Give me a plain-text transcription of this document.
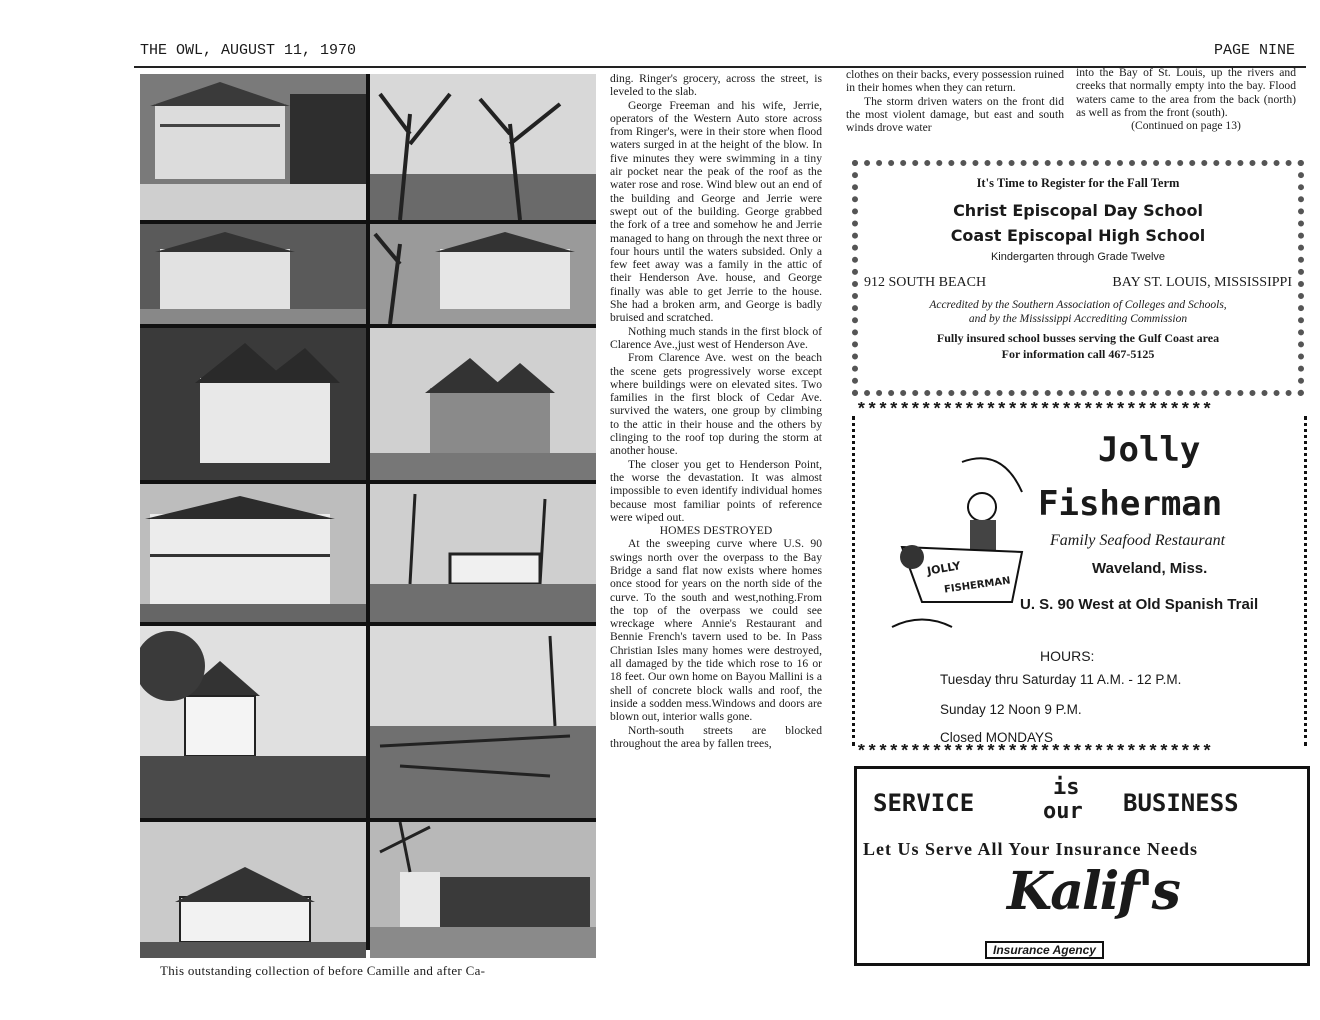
THE OWL, AUGUST 11, 1970	PAGE NINE
This outstanding collection of before Camille and after Ca-

ding. Ringer's grocery, across the street, is leveled to the slab.

George Freeman and his wife, Jerrie, operators of the Western Auto store across from Ringer's, were in their store when flood waters surged in at the height of the blow. In five minutes they were swimming in a tiny air pocket near the peak of the roof as the water rose and rose. Wind blew out an end of the building and George and Jerrie were swept out of the building. George grabbed the fork of a tree and somehow he and Jerrie managed to hang on through the next three or four hours until the waters subsided. Only a few feet away was a family in the attic of their Henderson Ave. house, and George finally was able to get Jerrie to the house. She had a broken arm, and George is badly bruised and scratched.

Nothing much stands in the first block of Clarence Ave.,just west of Henderson Ave.

From Clarence Ave. west on the beach the scene gets progressively worse except where buildings were on elevated sites. Two families in the first block of Cedar Ave. survived the waters, one group by climbing to the attic in their house and the others by clinging to the roof top during the storm at another house.

The closer you get to Henderson Point, the worse the devastation. It was almost impossible to even identify individual homes because most familiar points of reference were wiped out.

HOMES DESTROYED

At the sweeping curve where U.S. 90 swings north over the overpass to the Bay Bridge a sand flat now exists where homes once stood for years on the north side of the curve. To the south and west,nothing.From the top of the overpass we could see wreckage where Annie's Restaurant and Bennie French's tavern used to be. In Pass Christian Isles many homes were destroyed, all damaged by the tide which rose to 16 or 18 feet. Our own home on Bayou Mallini is a shell of concrete block walls and roof, the inside a sodden mess.Windows and doors are blown out, interior walls gone.

North-south streets are blocked throughout the area by fallen trees,

clothes on their backs, every possession ruined in their homes when they can return.

The storm driven waters on the front did the most violent damage, but east and south winds drove water

into the Bay of St. Louis, up the rivers and creeks that normally empty into the bay. Flood waters came to the area from the back (north) as well as from the front (south).

(Continued on page 13)

It's Time to Register for the Fall Term
Christ Episcopal Day School
Coast Episcopal High School
Kindergarten through Grade Twelve
912 SOUTH BEACH	BAY ST. LOUIS, MISSISSIPPI
Accredited by the Southern Association of Colleges and Schools,
and by the Mississippi Accrediting Commission
Fully insured school busses serving the Gulf Coast area
For information call 467-5125
*********************************
*********************************
Jolly
Fisherman
Family Seafood Restaurant
Waveland, Miss.
U. S. 90 West at Old Spanish Trail
JOLLY
FISHERMAN
HOURS:
Tuesday thru Saturday 11 A.M. - 12 P.M.
Sunday 12 Noon 9 P.M.
Closed MONDAYS
SERVICE
is
our BUSINESS
Let Us Serve All Your Insurance Needs
Kalif's
Insurance Agency
